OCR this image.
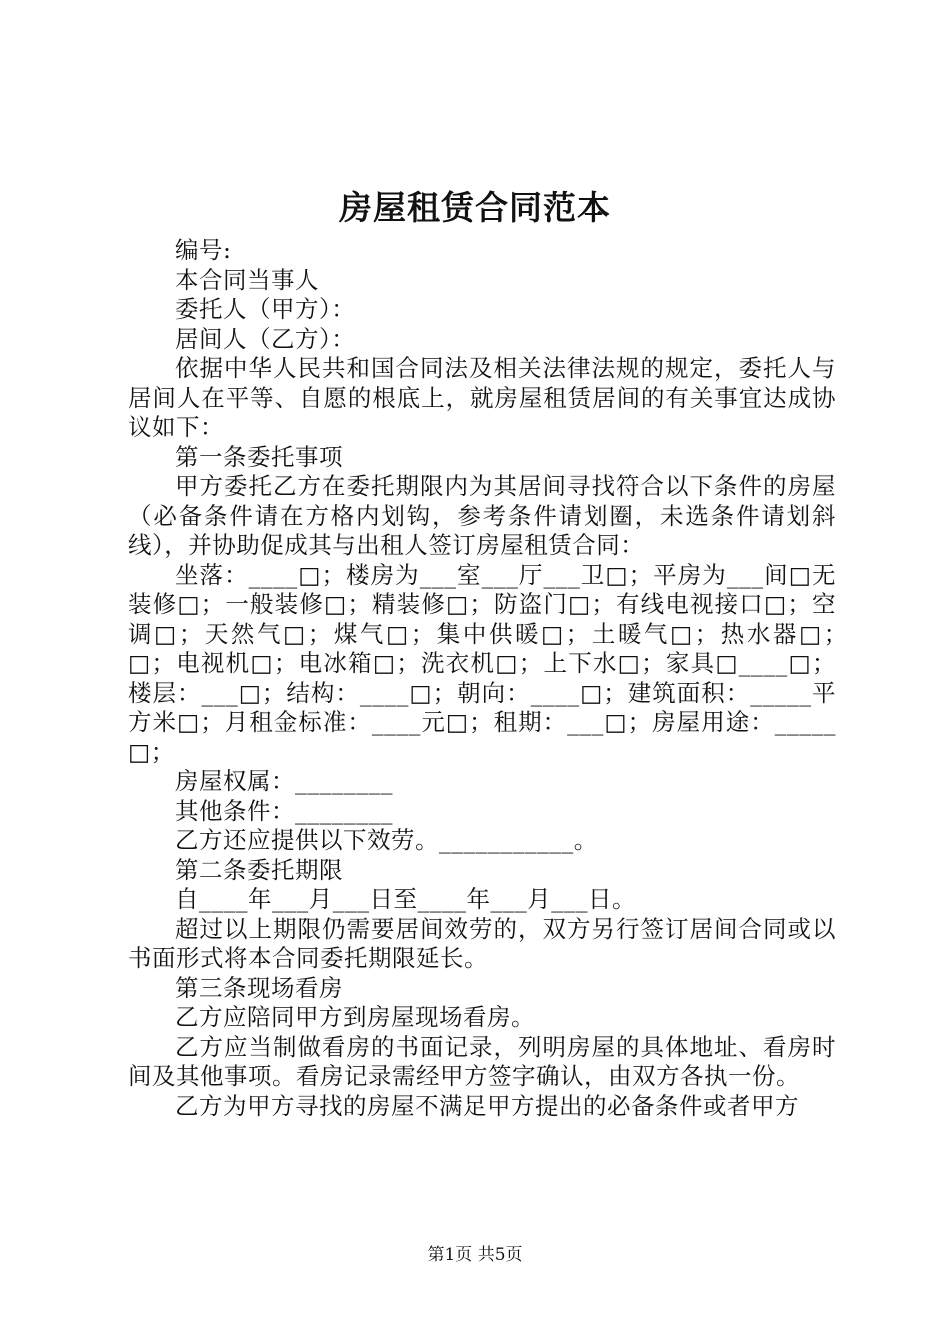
房屋租赁合同范本

编号:

本合同当事人

委托人（甲方）：

居间人（乙方）：

依据中华人民共和国合同法及相关法律法规的规定，委托人与居间人在平等、自愿的根底上，就房屋租赁居间的有关事宜达成协议如下：

第一条委托事项

甲方委托乙方在委托期限内为其居间寻找符合以下条件的房屋（必备条件请在方格内划钩，参考条件请划圈，未选条件请划斜线），并协助促成其与出租人签订房屋租赁合同：

坐落：____□；楼房为___室___厅___卫□；平房为___间□无装修□；一般装修□；精装修□；防盗门□；有线电视接口□；空调□；天然气□；煤气□；集中供暖□；土暖气□；热水器□；　　□；电视机□；电冰箱□；洗衣机□；上下水□；家具□____□；楼层：___□；结构：____□；朝向：____□；建筑面积：_____平方米□；月租金标准：____元□；租期：___□；房屋用途：_____□；

房屋权属：________

其他条件：________

乙方还应提供以下效劳。___________。

第二条委托期限

自____年___月___日至____年___月___日。

超过以上期限仍需要居间效劳的，双方另行签订居间合同或以书面形式将本合同委托期限延长。

第三条现场看房

乙方应陪同甲方到房屋现场看房。

乙方应当制做看房的书面记录，列明房屋的具体地址、看房时间及其他事项。看房记录需经甲方签字确认，由双方各执一份。

乙方为甲方寻找的房屋不满足甲方提出的必备条件或者甲方

第1页 共5页
